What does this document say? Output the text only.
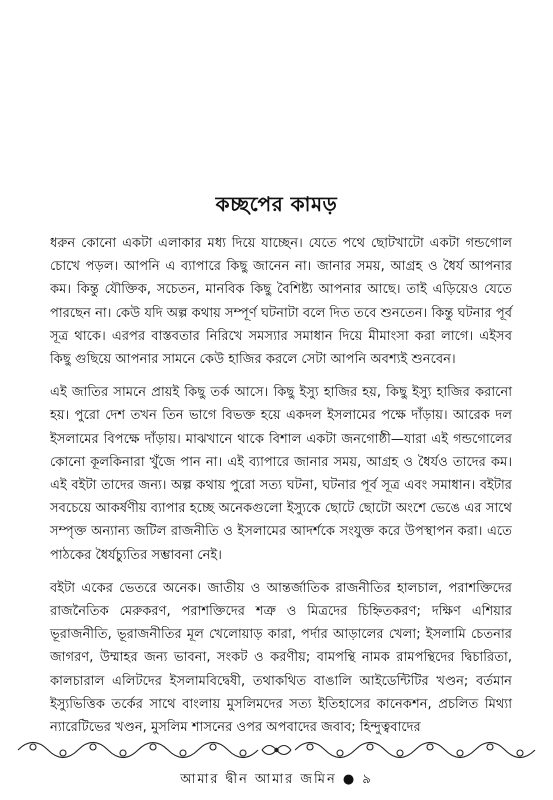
কচ্ছপের কামড়

ধরুন কোনো একটা এলাকার মধ্য দিয়ে যাচ্ছেন। যেতে পথে ছোটখাটো একটা গন্ডগোল চোখে পড়ল। আপনি এ ব্যাপারে কিছু জানেন না। জানার সময়, আগ্রহ ও ধৈর্য আপনার কম। কিন্তু যৌক্তিক, সচেতন, মানবিক কিছু বৈশিষ্ট্য আপনার আছে। তাই এড়িয়েও যেতে পারছেন না। কেউ যদি অল্প কথায় সম্পূর্ণ ঘটনাটা বলে দিত তবে শুনতেন। কিন্তু ঘটনার পূর্ব সূত্র থাকে। এরপর বাস্তবতার নিরিখে সমস্যার সমাধান দিয়ে মীমাংসা করা লাগে। এইসব কিছু গুছিয়ে আপনার সামনে কেউ হাজির করলে সেটা আপনি অবশ্যই শুনবেন।

এই জাতির সামনে প্রায়ই কিছু তর্ক আসে। কিছু ইস্যু হাজির হয়, কিছু ইস্যু হাজির করানো হয়। পুরো দেশ তখন তিন ভাগে বিভক্ত হয়ে একদল ইসলামের পক্ষে দাঁড়ায়। আরেক দল ইসলামের বিপক্ষে দাঁড়ায়। মাঝখানে থাকে বিশাল একটা জনগোষ্ঠী—যারা এই গন্ডগোলের কোনো কূলকিনারা খুঁজে পান না। এই ব্যাপারে জানার সময়, আগ্রহ ও ধৈর্যও তাদের কম। এই বইটা তাদের জন্য। অল্প কথায় পুরো সত্য ঘটনা, ঘটনার পূর্ব সূত্র এবং সমাধান। বইটার সবচেয়ে আকর্ষণীয় ব্যাপার হচ্ছে অনেকগুলো ইস্যুকে ছোটে ছোটো অংশে ভেঙে এর সাথে সম্পৃক্ত অন্যান্য জটিল রাজনীতি ও ইসলামের আদর্শকে সংযুক্ত করে উপস্থাপন করা। এতে পাঠকের ধৈর্যচ্যুতির সম্ভাবনা নেই।

বইটা একের ভেতরে অনেক। জাতীয় ও আন্তর্জাতিক রাজনীতির হালচাল, পরাশক্তিদের রাজনৈতিক মেরুকরণ, পরাশক্তিদের শত্রু ও মিত্রদের চিহ্নিতকরণ; দক্ষিণ এশিয়ার ভূরাজনীতি, ভূরাজনীতির মূল খেলোয়াড় কারা, পর্দার আড়ালের খেলা; ইসলামি চেতনার জাগরণ, উম্মাহর জন্য ভাবনা, সংকট ও করণীয়; বামপন্থি নামক রামপন্থিদের দ্বিচারিতা, কালচারাল এলিটদের ইসলামবিদ্বেষী, তথাকথিত বাঙালি আইডেন্টিটির খণ্ডন; বর্তমান ইস্যুভিত্তিক তর্কের সাথে বাংলায় মুসলিমদের সত্য ইতিহাসের কানেকশন, প্রচলিত মিথ্যা ন্যারেটিভের খণ্ডন, মুসলিম শাসনের ওপর অপবাদের জবাব; হিন্দুত্ববাদের

আমার দ্বীন আমার জমিন ● ৯
